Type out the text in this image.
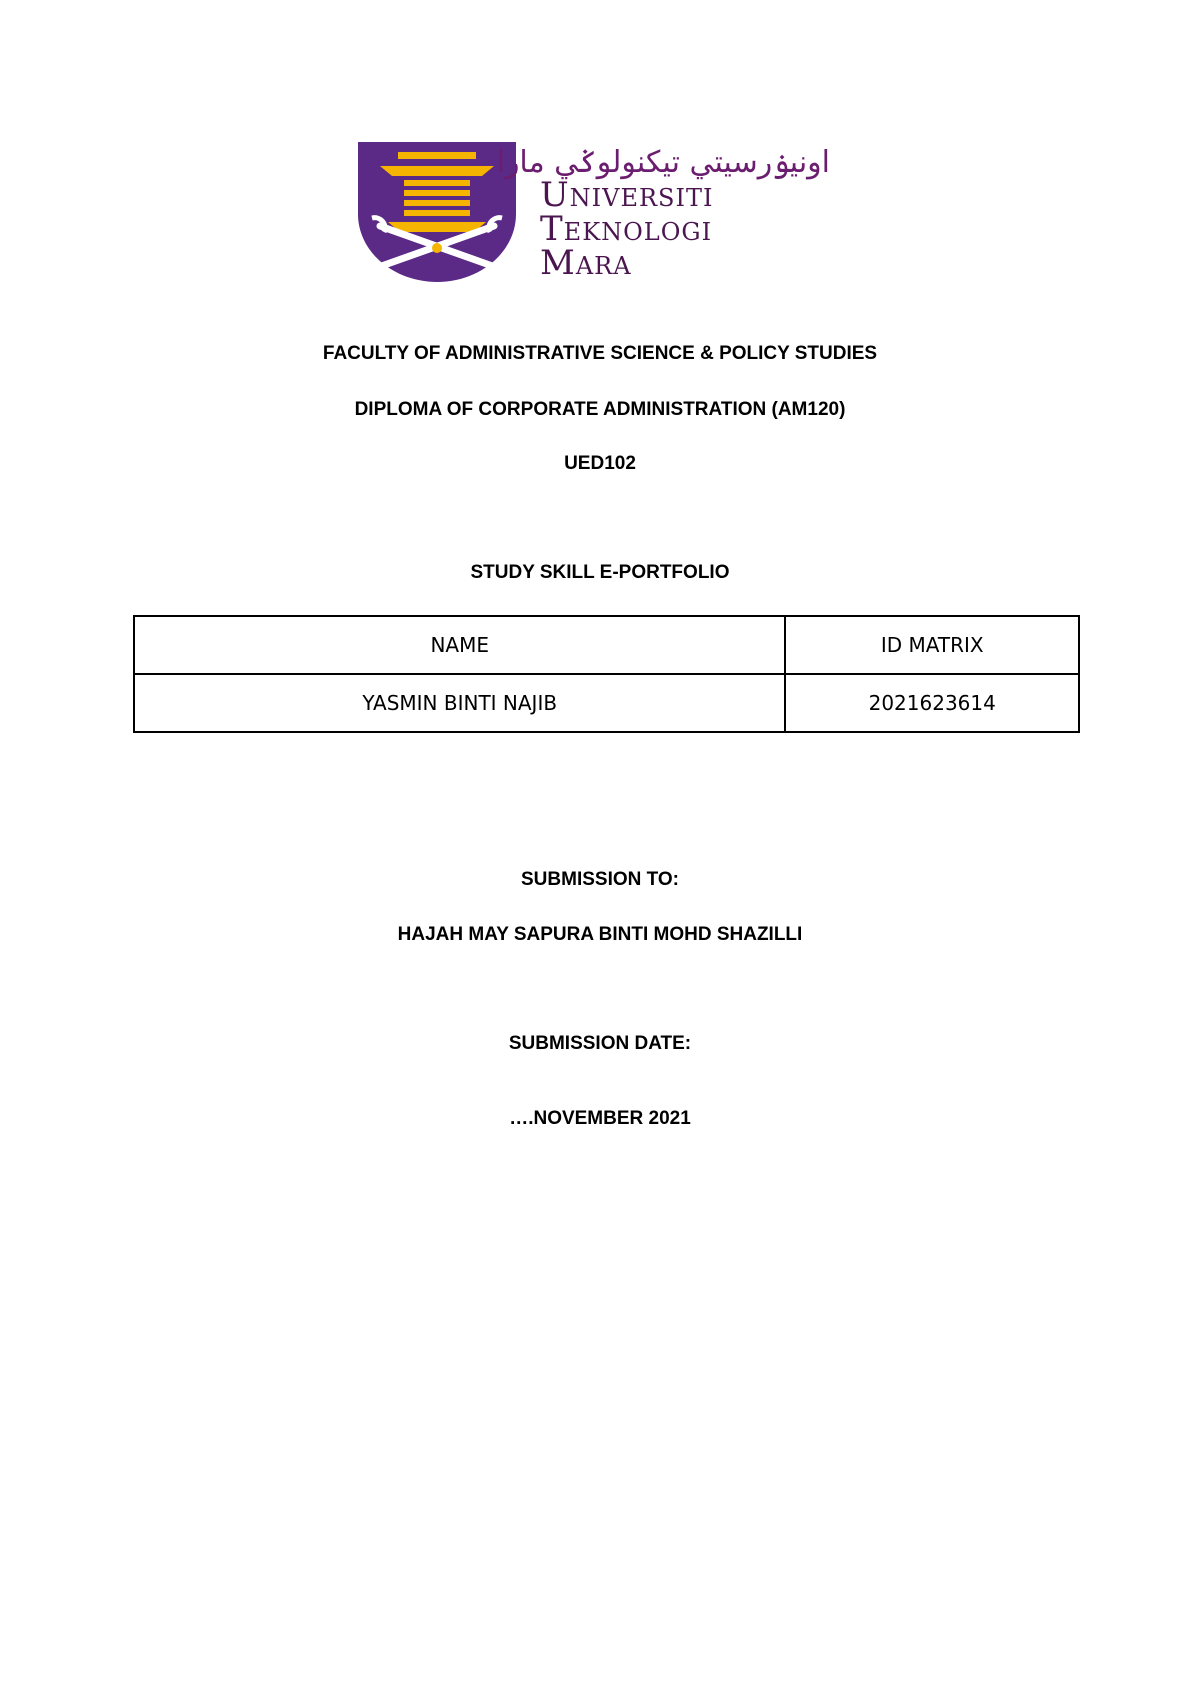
اونيۏرسيتي تيكنولوݢي مارا
Universiti
Teknologi
Mara
FACULTY OF ADMINISTRATIVE SCIENCE & POLICY STUDIES
DIPLOMA OF CORPORATE ADMINISTRATION (AM120)
UED102
STUDY SKILL E-PORTFOLIO
NAME	ID MATRIX
YASMIN BINTI NAJIB	2021623614
SUBMISSION TO:
HAJAH MAY SAPURA BINTI MOHD SHAZILLI
SUBMISSION DATE:
….NOVEMBER 2021
